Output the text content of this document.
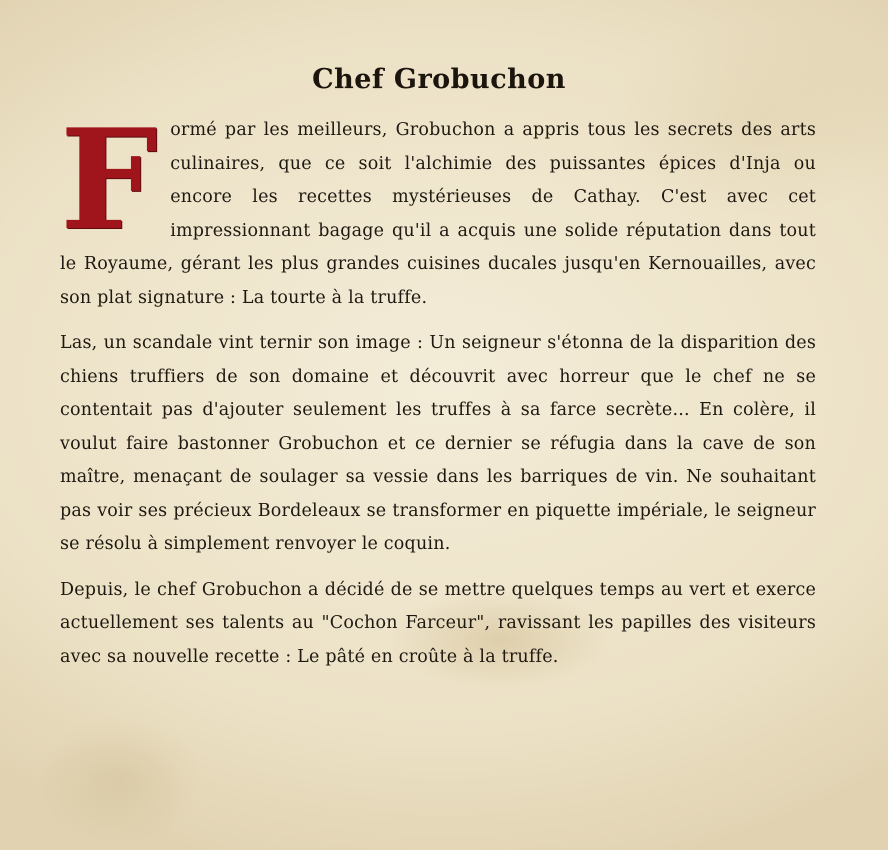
Chef Grobuchon

Formé par les meilleurs, Grobuchon a appris tous les secrets des arts culinaires, que ce soit l'alchimie des puissantes épices d'Inja ou encore les recettes mystérieuses de Cathay. C'est avec cet impressionnant bagage qu'il a acquis une solide réputation dans tout le Royaume, gérant les plus grandes cuisines ducales jusqu'en Kernouailles, avec son plat signature : La tourte à la truffe.

Las, un scandale vint ternir son image : Un seigneur s'étonna de la disparition des chiens truffiers de son domaine et découvrit avec horreur que le chef ne se contentait pas d'ajouter seulement les truffes à sa farce secrète... En colère, il voulut faire bastonner Grobuchon et ce dernier se réfugia dans la cave de son maître, menaçant de soulager sa vessie dans les barriques de vin. Ne souhaitant pas voir ses précieux Bordeleaux se transformer en piquette impériale, le seigneur se résolu à simplement renvoyer le coquin.

Depuis, le chef Grobuchon a décidé de se mettre quelques temps au vert et exerce actuellement ses talents au "Cochon Farceur", ravissant les papilles des visiteurs avec sa nouvelle recette : Le pâté en croûte à la truffe.
